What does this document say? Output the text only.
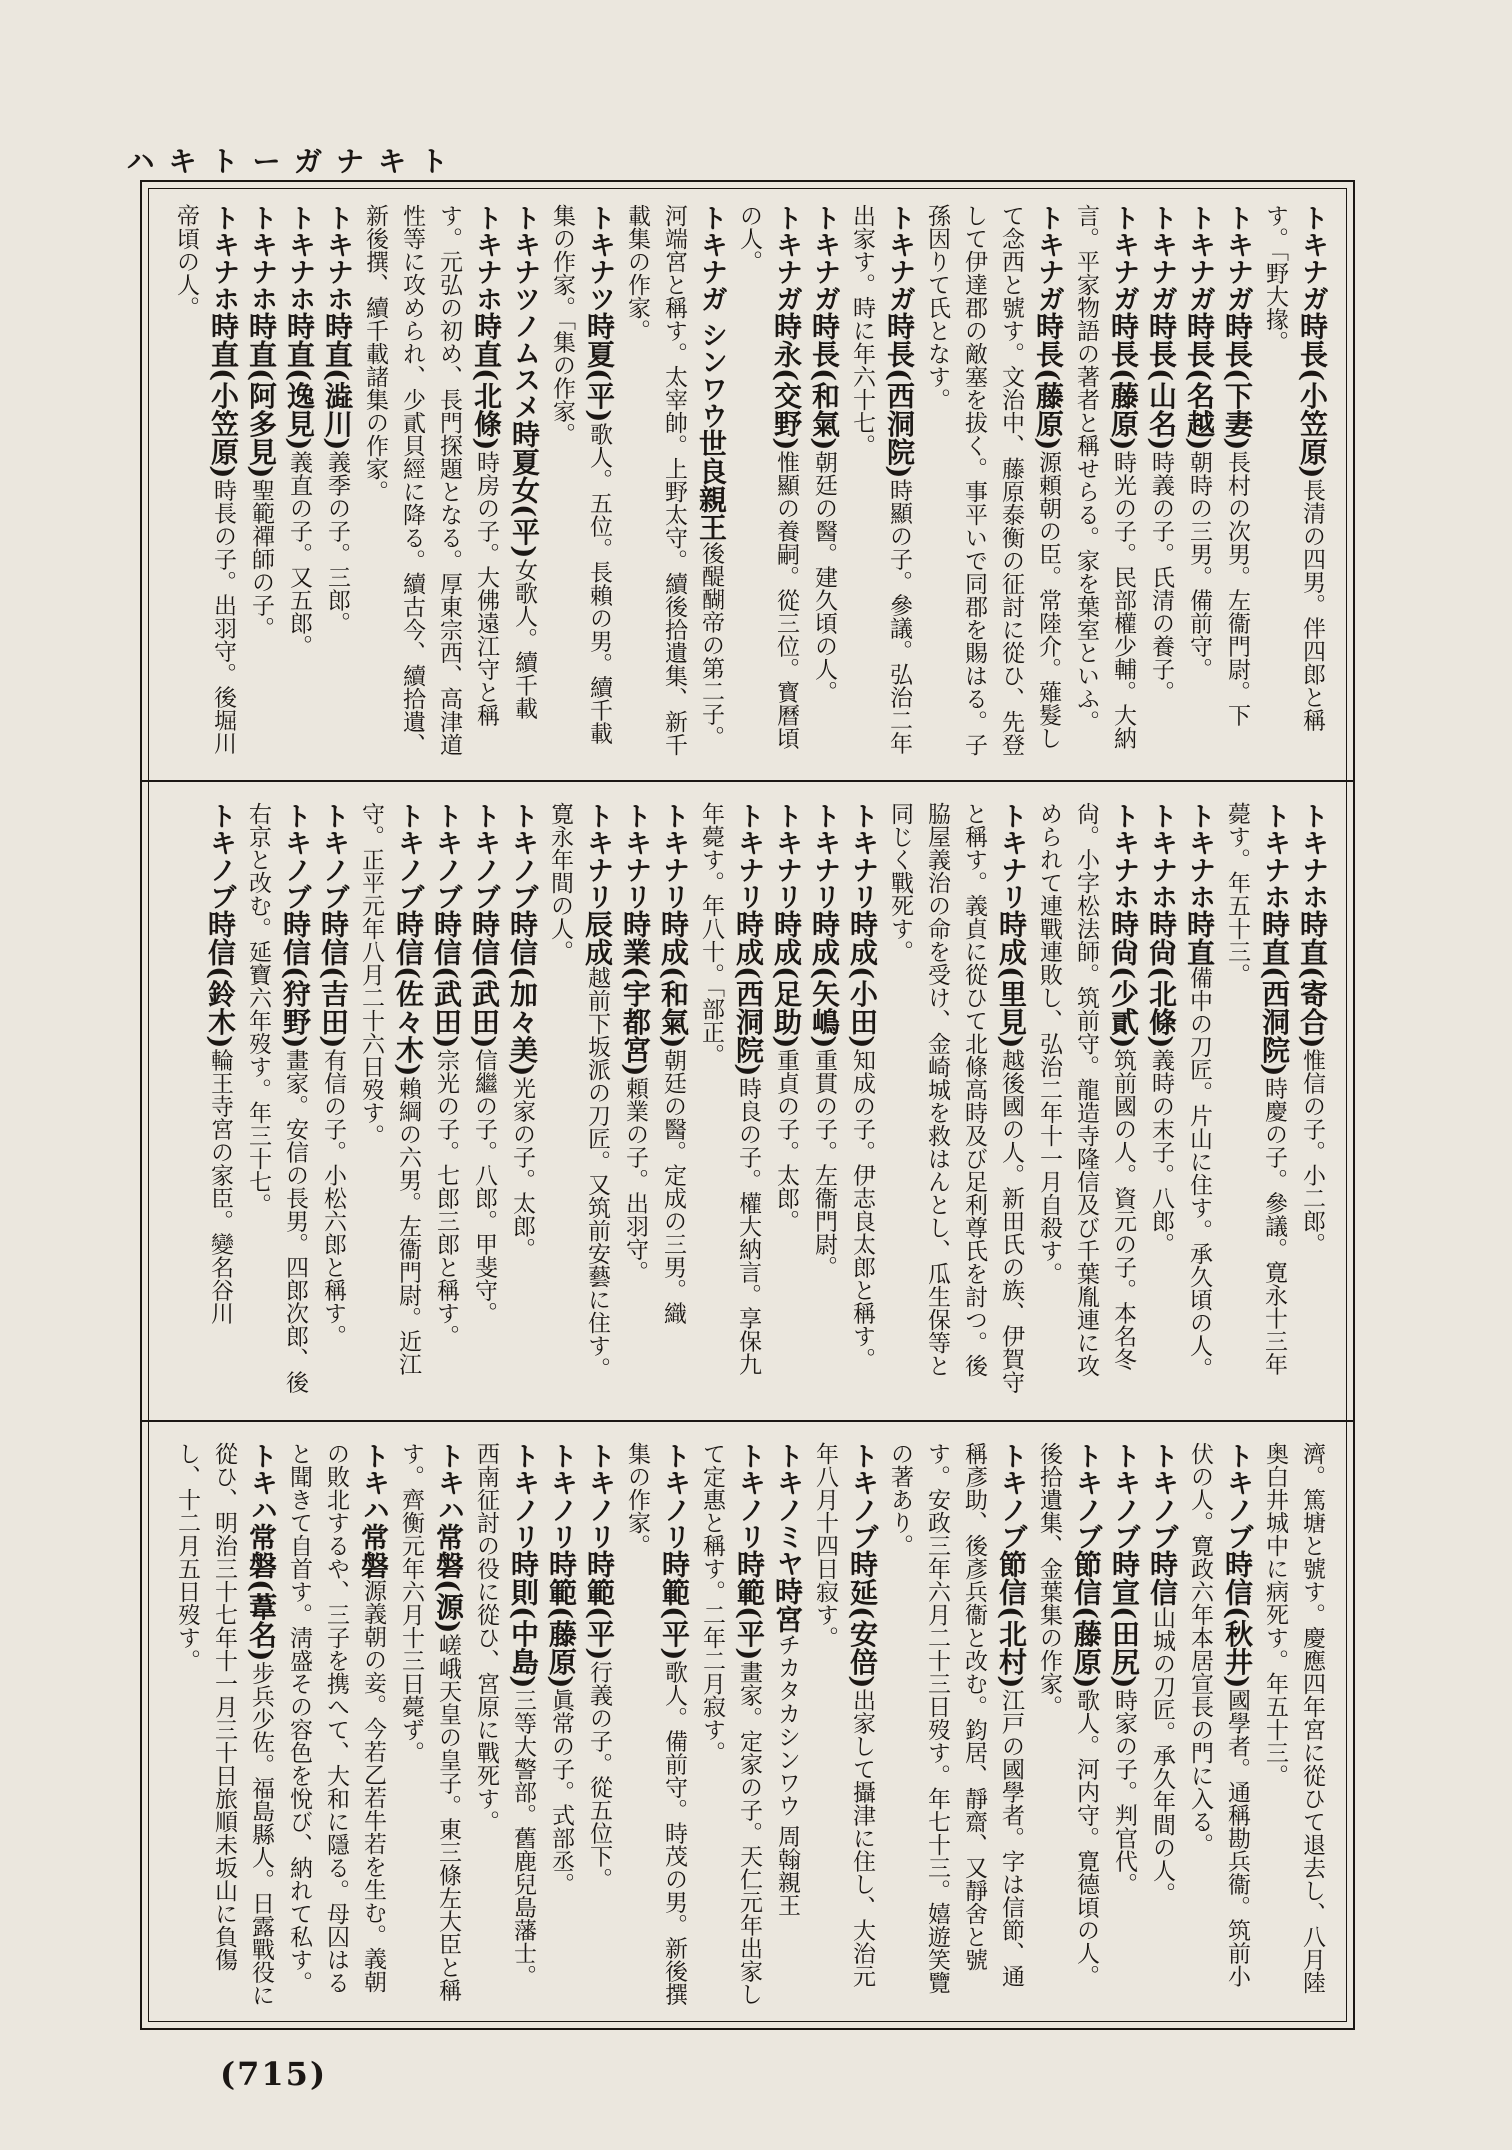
ハキトーガナキト

トキナガ時長(小笠原)長清の四男。伴四郎と稱す。「野大掾。

トキナガ時長(下妻)長村の次男。左衞門尉。下

トキナガ時長(名越)朝時の三男。備前守。

トキナガ時長(山名)時義の子。氏清の養子。

トキナガ時長(藤原)時光の子。民部權少輔。大納言。平家物語の著者と稱せらる。家を葉室といふ。

トキナガ時長(藤原)源頼朝の臣。常陸介。薙髮して念西と號す。文治中、藤原泰衡の征討に從ひ、先登して伊達郡の敵塞を拔く。事平いで同郡を賜はる。子孫因りて氏となす。

トキナガ時長(西洞院)時顯の子。參議。弘治二年出家す。時に年六十七。

トキナガ時長(和氣)朝廷の醫。建久頃の人。

トキナガ時永(交野)惟顯の養嗣。從三位。寳曆頃の人。

トキナガ シンワウ世良親王後醍醐帝の第二子。河端宮と稱す。太宰帥。上野太守。續後拾遺集、新千載集の作家。

トキナツ時夏(平)歌人。五位。長賴の男。續千載集の作家。「集の作家。

トキナツノムスメ時夏女(平)女歌人。續千載

トキナホ時直(北條)時房の子。大佛遠江守と稱す。元弘の初め、長門探題となる。厚東宗西、高津道性等に攻められ、少貳貝經に降る。續古今、續拾遺、新後撰、續千載諸集の作家。

トキナホ時直(澁川)義季の子。三郎。

トキナホ時直(逸見)義直の子。又五郎。

トキナホ時直(阿多見)聖範禪師の子。

トキナホ時直(小笠原)時長の子。出羽守。後堀川帝頃の人。

トキナホ時直(寄合)惟信の子。小二郎。

トキナホ時直(西洞院)時慶の子。參議。寛永十三年薨す。年五十三。

トキナホ時直備中の刀匠。片山に住す。承久頃の人。

トキナホ時尙(北條)義時の末子。八郎。

トキナホ時尙(少貳)筑前國の人。資元の子。本名冬尙。小字松法師。筑前守。龍造寺隆信及び千葉胤連に攻められて連戰連敗し、弘治二年十一月自殺す。

トキナリ時成(里見)越後國の人。新田氏の族、伊賀守と稱す。義貞に從ひて北條高時及び足利尊氏を討つ。後脇屋義治の命を受け、金崎城を救はんとし、瓜生保等と同じく戰死す。

トキナリ時成(小田)知成の子。伊志良太郎と稱す。

トキナリ時成(矢嶋)重貫の子。左衞門尉。

トキナリ時成(足助)重貞の子。太郎。

トキナリ時成(西洞院)時良の子。權大納言。享保九年薨す。年八十。「部正。

トキナリ時成(和氣)朝廷の醫。定成の三男。織

トキナリ時業(宇都宮)頼業の子。出羽守。

トキナリ辰成越前下坂派の刀匠。又筑前安藝に住す。寛永年間の人。

トキノブ時信(加々美)光家の子。太郎。

トキノブ時信(武田)信繼の子。八郎。甲斐守。

トキノブ時信(武田)宗光の子。七郎三郎と稱す。

トキノブ時信(佐々木)賴綱の六男。左衞門尉。近江守。正平元年八月二十六日歿す。

トキノブ時信(吉田)有信の子。小松六郎と稱す。

トキノブ時信(狩野)畫家。安信の長男。四郎次郎、後右京と改む。延寶六年歿す。年三十七。

トキノブ時信(鈴木)輪王寺宮の家臣。變名谷川

濟。篤塘と號す。慶應四年宮に從ひて退去し、八月陸奥白井城中に病死す。年五十三。

トキノブ時信(秋井)國學者。通稱勘兵衞。筑前小伏の人。寛政六年本居宣長の門に入る。

トキノブ時信山城の刀匠。承久年間の人。

トキノブ時宣(田尻)時家の子。判官代。

トキノブ節信(藤原)歌人。河内守。寛德頃の人。後拾遺集、金葉集の作家。

トキノブ節信(北村)江戸の國學者。字は信節、通稱彥助、後彥兵衞と改む。鈞居、靜齋、又靜舍と號す。安政三年六月二十三日歿す。年七十三。嬉遊笑覽の著あり。

トキノブ時延(安倍)出家して攝津に住し、大治元年八月十四日寂す。

トキノミヤ時宮チカタカシンワウ 周翰親王

トキノリ時範(平)畫家。定家の子。天仁元年出家して定惠と稱す。二年二月寂す。

トキノリ時範(平)歌人。備前守。時茂の男。新後撰集の作家。

トキノリ時範(平)行義の子。從五位下。

トキノリ時範(藤原)眞常の子。式部丞。

トキノリ時則(中島)三等大警部。舊鹿兒島藩士。西南征討の役に從ひ、宮原に戰死す。

トキハ常磐(源)嵯峨天皇の皇子。東三條左大臣と稱す。齊衡元年六月十三日薨ず。

トキハ常磐源義朝の妾。今若乙若牛若を生む。義朝の敗北するや、三子を携へて、大和に隱る。母囚はると聞きて自首す。淸盛その容色を悅び、納れて私す。

トキハ常磐(葦名)步兵少佐。福島縣人。日露戰役に從ひ、明治三十七年十一月三十日旅順未坂山に負傷し、十二月五日歿す。

(715)
